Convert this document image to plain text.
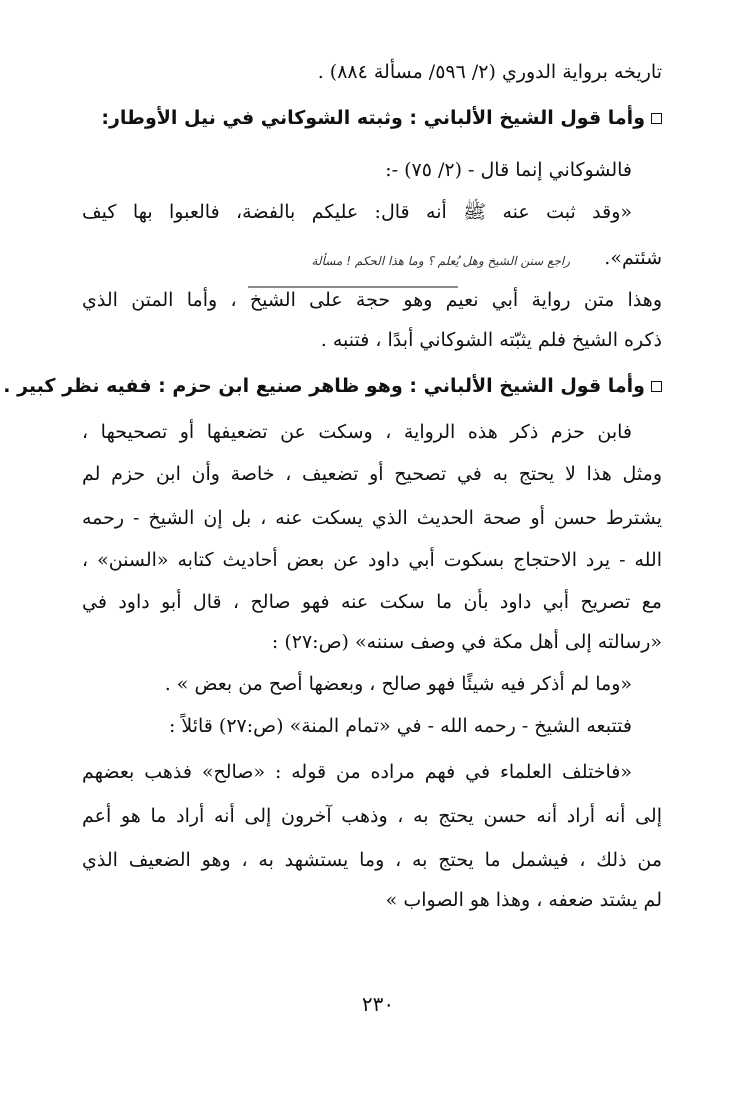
تاريخه برواية الدوري (٢/ ٥٩٦/ مسألة ٨٨٤) .
وأما قول الشيخ الألباني : وثبته الشوكاني في نيل الأوطار:
فالشوكاني إنما قال - (٢/ ٧٥) -:
«وقد ثبت عنه ﷺ أنه قال: عليكم بالفضة، فالعبوا بها كيف
شئتم».
راجع سنن الشيخ وهل يُعلم ؟ وما هذا الحكم ! مسألة
وهذا متن رواية أبي نعيم وهو حجة على الشيخ ، وأما المتن الذي
ذكره الشيخ فلم يثبّته الشوكاني أبدًا ، فتنبه .
وأما قول الشيخ الألباني : وهو ظاهر صنيع ابن حزم : ففيه نظر كبير .
فابن حزم ذكر هذه الرواية ، وسكت عن تضعيفها أو تصحيحها ،
ومثل هذا لا يحتج به في تصحيح أو تضعيف ، خاصة وأن ابن حزم لم
يشترط حسن أو صحة الحديث الذي يسكت عنه ، بل إن الشيخ - رحمه
الله - يرد الاحتجاج بسكوت أبي داود عن بعض أحاديث كتابه «السنن» ،
مع تصريح أبي داود بأن ما سكت عنه فهو صالح ، قال أبو داود في
«رسالته إلى أهل مكة في وصف سننه» (ص:٢٧) :
«وما لم أذكر فيه شيئًا فهو صالح ، وبعضها أصح من بعض » .
فتتبعه الشيخ - رحمه الله - في «تمام المنة» (ص:٢٧) قائلاً :
«فاختلف العلماء في فهم مراده من قوله : «صالح» فذهب بعضهم
إلى أنه أراد أنه حسن يحتج به ، وذهب آخرون إلى أنه أراد ما هو أعم
من ذلك ، فيشمل ما يحتج به ، وما يستشهد به ، وهو الضعيف الذي
لم يشتد ضعفه ، وهذا هو الصواب »
٢٣٠
